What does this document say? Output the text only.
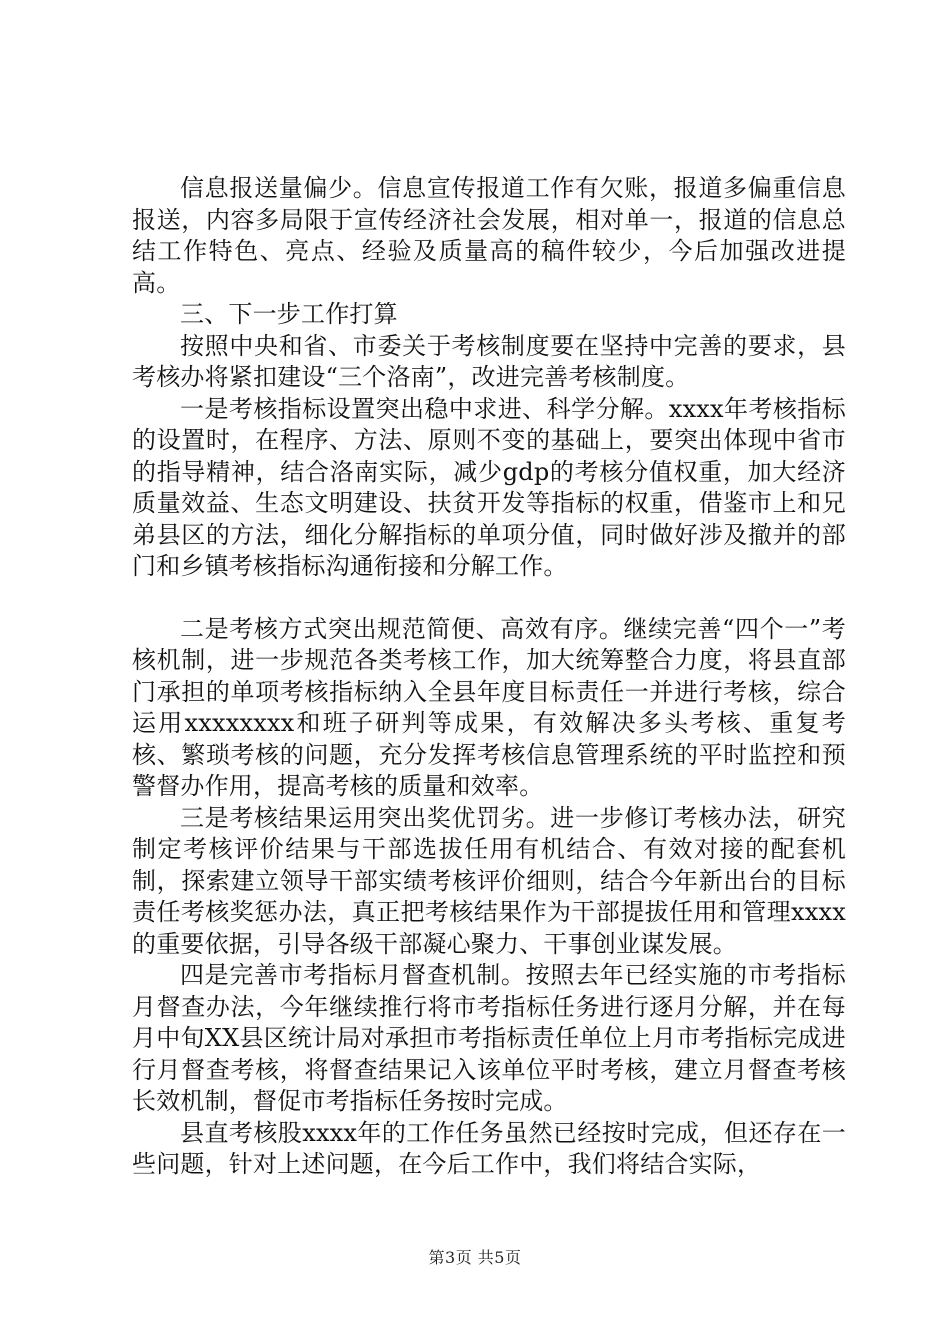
信息报送量偏少。信息宣传报道工作有欠账，报道多偏重信息报送，内容多局限于宣传经济社会发展，相对单一，报道的信息总结工作特色、亮点、经验及质量高的稿件较少，今后加强改进提高。

三、下一步工作打算

按照中央和省、市委关于考核制度要在坚持中完善的要求，县考核办将紧扣建设“三个洛南”，改进完善考核制度。

一是考核指标设置突出稳中求进、科学分解。xxxx年考核指标的设置时，在程序、方法、原则不变的基础上，要突出体现中省市的指导精神，结合洛南实际，减少gdp的考核分值权重，加大经济质量效益、生态文明建设、扶贫开发等指标的权重，借鉴市上和兄弟县区的方法，细化分解指标的单项分值，同时做好涉及撤并的部门和乡镇考核指标沟通衔接和分解工作。

二是考核方式突出规范简便、高效有序。继续完善“四个一”考核机制，进一步规范各类考核工作，加大统筹整合力度，将县直部门承担的单项考核指标纳入全县年度目标责任一并进行考核，综合运用xxxxxxxx和班子研判等成果，有效解决多头考核、重复考核、繁琐考核的问题，充分发挥考核信息管理系统的平时监控和预警督办作用，提高考核的质量和效率。

三是考核结果运用突出奖优罚劣。进一步修订考核办法，研究制定考核评价结果与干部选拔任用有机结合、有效对接的配套机制，探索建立领导干部实绩考核评价细则，结合今年新出台的目标责任考核奖惩办法，真正把考核结果作为干部提拔任用和管理xxxx的重要依据，引导各级干部凝心聚力、干事创业谋发展。

四是完善市考指标月督查机制。按照去年已经实施的市考指标月督查办法，今年继续推行将市考指标任务进行逐月分解，并在每月中旬XX县区统计局对承担市考指标责任单位上月市考指标完成进行月督查考核，将督查结果记入该单位平时考核，建立月督查考核长效机制，督促市考指标任务按时完成。

县直考核股xxxx年的工作任务虽然已经按时完成，但还存在一些问题，针对上述问题，在今后工作中，我们将结合实际，

第3页 共5页
